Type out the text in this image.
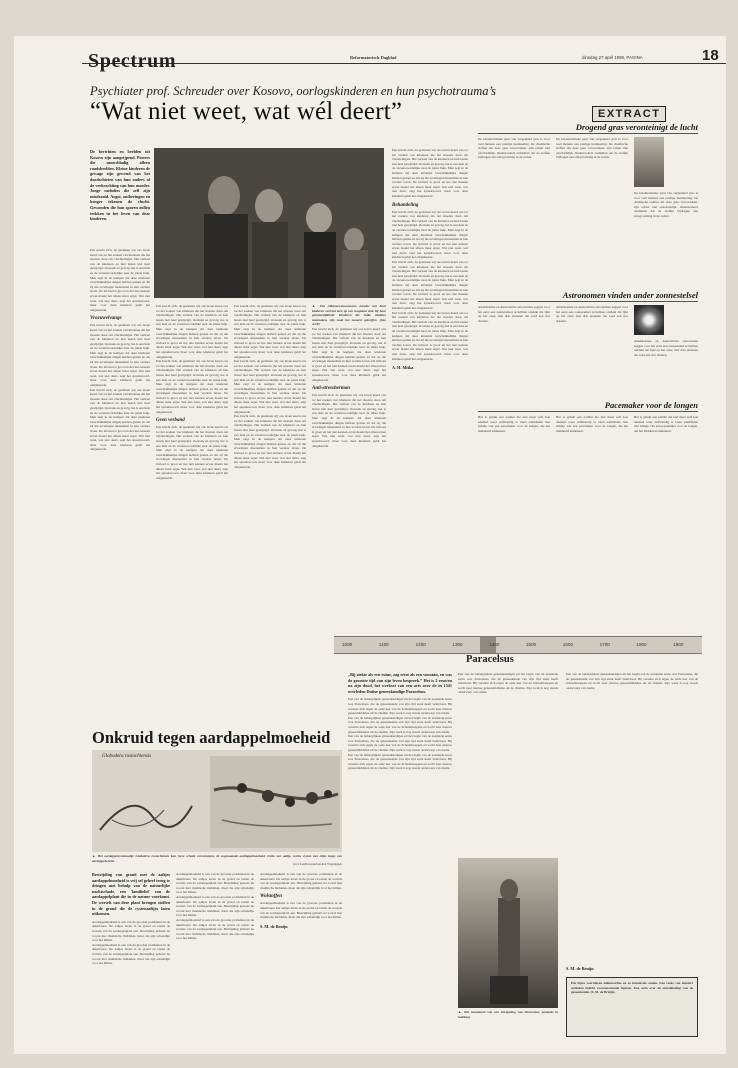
Spectrum	Reformatorisch Dagblad	dinsdag 27 april 1999, PAGINA	18
Psychiater prof. Schreuder over Kosovo, oorlogskinderen en hun psychotrauma’s
“Wat niet weet, wat wél deert”
De berichten en beelden uit Kosovo zijn aangrijpend. Posters die moorddadig alleen raadsbeelden. Kleine kinderen de gewage zijn gewend van het doodschieten van hun ouders of de verkrachting van hun moeder. Jonge melodies die zelf zijn misdraaid. Angst, ontberingen en honger tekenen de vlucht. Gewonden die hun sporen zullen trekken in het leven van deze kinderen.
Een kracht zich, de gezinnen wij ons leven keerd ons tot het zoeken van kinderen die het moeten doen om vluchtelingen. Het verhaal van de kinderen en hun lasten niet heel gewijzigd. Oorzaak en gevolg, het is een hele en de verantwoordelijke naar de juiste hulp. Men zegt in de kampen dat deze kinderen verschrikkelijke dingen hebben gezien en dat zij die ervaringen meenemen in hun verdere leven. De invloed is groot en het niet kennen ervan maakt het alleen maar erger. Wat niet weet, wat niet deert, zegt het spreekwoord, maar voor deze kinderen geldt het omgekeerde.
Vroeuwelvange
Een kracht zich, de gezinnen wij ons leven keerd ons tot het zoeken van kinderen die het moeten doen om vluchtelingen. Het verhaal van de kinderen en hun lasten niet heel gewijzigd. Oorzaak en gevolg, het is een hele en de verantwoordelijke naar de juiste hulp. Men zegt in de kampen dat deze kinderen verschrikkelijke dingen hebben gezien en dat zij die ervaringen meenemen in hun verdere leven. De invloed is groot en het niet kennen ervan maakt het alleen maar erger. Wat niet weet, wat niet deert, zegt het spreekwoord, maar voor deze kinderen geldt het omgekeerde.
Een kracht zich, de gezinnen wij ons leven keerd ons tot het zoeken van kinderen die het moeten doen om vluchtelingen. Het verhaal van de kinderen en hun lasten niet heel gewijzigd. Oorzaak en gevolg, het is een hele en de verantwoordelijke naar de juiste hulp. Men zegt in de kampen dat deze kinderen verschrikkelijke dingen hebben gezien en dat zij die ervaringen meenemen in hun verdere leven. De invloed is groot en het niet kennen ervan maakt het alleen maar erger. Wat niet weet, wat niet deert, zegt het spreekwoord, maar voor deze kinderen geldt het omgekeerde.
Een kracht zich, de gezinnen wij ons leven keerd ons tot het zoeken van kinderen die het moeten doen om vluchtelingen. Het verhaal van de kinderen en hun lasten niet heel gewijzigd. Oorzaak en gevolg, het is een hele en de verantwoordelijke naar de juiste hulp. Men zegt in de kampen dat deze kinderen verschrikkelijke dingen hebben gezien en dat zij die ervaringen meenemen in hun verdere leven. De invloed is groot en het niet kennen ervan maakt het alleen maar erger. Wat niet weet, wat niet deert, zegt het spreekwoord, maar voor deze kinderen geldt het omgekeerde.
Een kracht zich, de gezinnen wij ons leven keerd ons tot het zoeken van kinderen die het moeten doen om vluchtelingen. Het verhaal van de kinderen en hun lasten niet heel gewijzigd. Oorzaak en gevolg, het is een hele en de verantwoordelijke naar de juiste hulp. Men zegt in de kampen dat deze kinderen verschrikkelijke dingen hebben gezien en dat zij die ervaringen meenemen in hun verdere leven. De invloed is groot en het niet kennen ervan maakt het alleen maar erger. Wat niet weet, wat niet deert, zegt het spreekwoord, maar voor deze kinderen geldt het omgekeerde.
Geen verband
Een kracht zich, de gezinnen wij ons leven keerd ons tot het zoeken van kinderen die het moeten doen om vluchtelingen. Het verhaal van de kinderen en hun lasten niet heel gewijzigd. Oorzaak en gevolg, het is een hele en de verantwoordelijke naar de juiste hulp. Men zegt in de kampen dat deze kinderen verschrikkelijke dingen hebben gezien en dat zij die ervaringen meenemen in hun verdere leven. De invloed is groot en het niet kennen ervan maakt het alleen maar erger. Wat niet weet, wat niet deert, zegt het spreekwoord, maar voor deze kinderen geldt het omgekeerde.
Een kracht zich, de gezinnen wij ons leven keerd ons tot het zoeken van kinderen die het moeten doen om vluchtelingen. Het verhaal van de kinderen en hun lasten niet heel gewijzigd. Oorzaak en gevolg, het is een hele en de verantwoordelijke naar de juiste hulp. Men zegt in de kampen dat deze kinderen verschrikkelijke dingen hebben gezien en dat zij die ervaringen meenemen in hun verdere leven. De invloed is groot en het niet kennen ervan maakt het alleen maar erger. Wat niet weet, wat niet deert, zegt het spreekwoord, maar voor deze kinderen geldt het omgekeerde.
Een kracht zich, de gezinnen wij ons leven keerd ons tot het zoeken van kinderen die het moeten doen om vluchtelingen. Het verhaal van de kinderen en hun lasten niet heel gewijzigd. Oorzaak en gevolg, het is een hele en de verantwoordelijke naar de juiste hulp. Men zegt in de kampen dat deze kinderen verschrikkelijke dingen hebben gezien en dat zij die ervaringen meenemen in hun verdere leven. De invloed is groot en het niet kennen ervan maakt het alleen maar erger. Wat niet weet, wat niet deert, zegt het spreekwoord, maar voor deze kinderen geldt het omgekeerde.
Een kracht zich, de gezinnen wij ons leven keerd ons tot het zoeken van kinderen die het moeten doen om vluchtelingen. Het verhaal van de kinderen en hun lasten niet heel gewijzigd. Oorzaak en gevolg, het is een hele en de verantwoordelijke naar de juiste hulp. Men zegt in de kampen dat deze kinderen verschrikkelijke dingen hebben gezien en dat zij die ervaringen meenemen in hun verdere leven. De invloed is groot en het niet kennen ervan maakt het alleen maar erger. Wat niet weet, wat niet deert, zegt het spreekwoord, maar voor deze kinderen geldt het omgekeerde.
▲ Een Albanees-Kosovaarse moeder met haar kinderen vertrekt zich op een hospitaal vlak bij haar gezamenlijkheid. Kinderen die zulke situaties meemaken, zijn vaak het zwaarst getroffen. (foto ANP)
Een kracht zich, de gezinnen wij ons leven keerd ons tot het zoeken van kinderen die het moeten doen om vluchtelingen. Het verhaal van de kinderen en hun lasten niet heel gewijzigd. Oorzaak en gevolg, het is een hele en de verantwoordelijke naar de juiste hulp. Men zegt in de kampen dat deze kinderen verschrikkelijke dingen hebben gezien en dat zij die ervaringen meenemen in hun verdere leven. De invloed is groot en het niet kennen ervan maakt het alleen maar erger. Wat niet weet, wat niet deert, zegt het spreekwoord, maar voor deze kinderen geldt het omgekeerde.
Anti-stressherman
Een kracht zich, de gezinnen wij ons leven keerd ons tot het zoeken van kinderen die het moeten doen om vluchtelingen. Het verhaal van de kinderen en hun lasten niet heel gewijzigd. Oorzaak en gevolg, het is een hele en de verantwoordelijke naar de juiste hulp. Men zegt in de kampen dat deze kinderen verschrikkelijke dingen hebben gezien en dat zij die ervaringen meenemen in hun verdere leven. De invloed is groot en het niet kennen ervan maakt het alleen maar erger. Wat niet weet, wat niet deert, zegt het spreekwoord, maar voor deze kinderen geldt het omgekeerde.
Een kracht zich, de gezinnen wij ons leven keerd ons tot het zoeken van kinderen die het moeten doen om vluchtelingen. Het verhaal van de kinderen en hun lasten niet heel gewijzigd. Oorzaak en gevolg, het is een hele en de verantwoordelijke naar de juiste hulp. Men zegt in de kampen dat deze kinderen verschrikkelijke dingen hebben gezien en dat zij die ervaringen meenemen in hun verdere leven. De invloed is groot en het niet kennen ervan maakt het alleen maar erger. Wat niet weet, wat niet deert, zegt het spreekwoord, maar voor deze kinderen geldt het omgekeerde.
Behandeling
Een kracht zich, de gezinnen wij ons leven keerd ons tot het zoeken van kinderen die het moeten doen om vluchtelingen. Het verhaal van de kinderen en hun lasten niet heel gewijzigd. Oorzaak en gevolg, het is een hele en de verantwoordelijke naar de juiste hulp. Men zegt in de kampen dat deze kinderen verschrikkelijke dingen hebben gezien en dat zij die ervaringen meenemen in hun verdere leven. De invloed is groot en het niet kennen ervan maakt het alleen maar erger. Wat niet weet, wat niet deert, zegt het spreekwoord, maar voor deze kinderen geldt het omgekeerde.
Een kracht zich, de gezinnen wij ons leven keerd ons tot het zoeken van kinderen die het moeten doen om vluchtelingen. Het verhaal van de kinderen en hun lasten niet heel gewijzigd. Oorzaak en gevolg, het is een hele en de verantwoordelijke naar de juiste hulp. Men zegt in de kampen dat deze kinderen verschrikkelijke dingen hebben gezien en dat zij die ervaringen meenemen in hun verdere leven. De invloed is groot en het niet kennen ervan maakt het alleen maar erger. Wat niet weet, wat niet deert, zegt het spreekwoord, maar voor deze kinderen geldt het omgekeerde.
Een kracht zich, de gezinnen wij ons leven keerd ons tot het zoeken van kinderen die het moeten doen om vluchtelingen. Het verhaal van de kinderen en hun lasten niet heel gewijzigd. Oorzaak en gevolg, het is een hele en de verantwoordelijke naar de juiste hulp. Men zegt in de kampen dat deze kinderen verschrikkelijke dingen hebben gezien en dat zij die ervaringen meenemen in hun verdere leven. De invloed is groot en het niet kennen ervan maakt het alleen maar erger. Wat niet weet, wat niet deert, zegt het spreekwoord, maar voor deze kinderen geldt het omgekeerde.
A. H. Mitka
EXTRACT
Drogend gras veronteinigt de lucht
De karakteristieke geur van vergeelend gras is voor veel mensen een prettige herinnering. De chemische stoffen die deze geur veroorzaken, zijn echter niet onschadelijk. Onderzoekers ontdekten dat de stoffen bijdragen aan smogvorming in de zomer.
De karakteristieke geur van vergeelend gras is voor veel mensen een prettige herinnering. De chemische stoffen die deze geur veroorzaken, zijn echter niet onschadelijk. Onderzoekers ontdekten dat de stoffen bijdragen aan smogvorming in de zomer.
De karakteristieke geur van vergeelend gras is voor veel mensen een prettige herinnering. De chemische stoffen die deze geur veroorzaken, zijn echter niet onschadelijk. Onderzoekers ontdekten dat de stoffen bijdragen aan smogvorming in de zomer.
Astronomen vinden ander zonnestelsel
Amerikaanse en Australische astronomen zeggen voor het eerst een zonnestelsel te hebben ontdekt dat lijkt op het onze, met drie planeten die rond een ster draaien.
Amerikaanse en Australische astronomen zeggen voor het eerst een zonnestelsel te hebben ontdekt dat lijkt op het onze, met drie planeten die rond een ster draaien.
Amerikaanse en Australische astronomen zeggen voor het eerst een zonnestelsel te hebben ontdekt dat lijkt op het onze, met drie planeten die rond een ster draaien.
Pacemaker voor de longen
Het is gelukt een patiënt die niet meer zelf kon ademen weer zelfstandig te laten ademhalen met behulp van een pacemaker voor de longen, die het middenrif stimuleert.
Het is gelukt een patiënt die niet meer zelf kon ademen weer zelfstandig te laten ademhalen met behulp van een pacemaker voor de longen, die het middenrif stimuleert.
Het is gelukt een patiënt die niet meer zelf kon ademen weer zelfstandig te laten ademhalen met behulp van een pacemaker voor de longen, die het middenrif stimuleert.
1000	1100	1200	1300	1400	1500	1600	1700	1800	1900
Paracelsus
„Bij ziekte als een ruïne, zag ertoi als een vooraan, en was de grootste tijd van zijn leven bespreek.” Het is 2 eeuwen na zijn dood, het werkset van een arts over de in 1541 overleden Duitse geneeskundige Paracelsus.
Een van de belangrijkste geneeskundigen uit het begin van de zestiende eeuw was Paracelsus, die de geneeskunde van zijn tijd sterk heeft beïnvloed. Hij verzette zich tegen de oude leer van de lichaamssappen en zocht naar nieuwe geneesmiddelen uit de chemie. Zijn werk is nog steeds onderwerp van studie.
Een van de belangrijkste geneeskundigen uit het begin van de zestiende eeuw was Paracelsus, die de geneeskunde van zijn tijd sterk heeft beïnvloed. Hij verzette zich tegen de oude leer van de lichaamssappen en zocht naar nieuwe geneesmiddelen uit de chemie. Zijn werk is nog steeds onderwerp van studie.
Een van de belangrijkste geneeskundigen uit het begin van de zestiende eeuw was Paracelsus, die de geneeskunde van zijn tijd sterk heeft beïnvloed. Hij verzette zich tegen de oude leer van de lichaamssappen en zocht naar nieuwe geneesmiddelen uit de chemie. Zijn werk is nog steeds onderwerp van studie.
Een van de belangrijkste geneeskundigen uit het begin van de zestiende eeuw was Paracelsus, die de geneeskunde van zijn tijd sterk heeft beïnvloed. Hij verzette zich tegen de oude leer van de lichaamssappen en zocht naar nieuwe geneesmiddelen uit de chemie. Zijn werk is nog steeds onderwerp van studie.
Een van de belangrijkste geneeskundigen uit het begin van de zestiende eeuw was Paracelsus, die de geneeskunde van zijn tijd sterk heeft beïnvloed. Hij verzette zich tegen de oude leer van de lichaamssappen en zocht naar nieuwe geneesmiddelen uit de chemie. Zijn werk is nog steeds onderwerp van studie.
▲ Het monument van een Zorapeling van Paracelsus, gemaakt in Salzburg.
Een van de belangrijkste geneeskundigen uit het begin van de zestiende eeuw was Paracelsus, die de geneeskunde van zijn tijd sterk heeft beïnvloed. Hij verzette zich tegen de oude leer van de lichaamssappen en zocht naar nieuwe geneesmiddelen uit de chemie. Zijn werk is nog steeds onderwerp van studie.
S. M. de Bruijn
Het bijna voortduren milieuverlies en zo luimtevele steden. Een reeks van hondert artikelen belicht vooraanstaande figuren. Een serie over de ontwikkeling van de geneeskunde. (S. M. de Bruijn).
Onkruid tegen aardappelmoeheid
Globodera rostochiensis
▲ Het aardappelcystenaaltje Globodera rostochiensis kan forse schade veroorzaken, de zogenaamde aardappelmoeheid. Links een aaltje, rechts cysten met eitjes langs een aardappelwortel.
foto's Landbouwuniversiteit Wageningen
Bestrijding van grond met de aaltjes aardappelmoeheid is vrij sel geheel terug te dringen met behulp van de natuurlijke nachtschade, een 'familielid' van de aardappelplant die in de natuur voorkomt. De wortels van deze plant brengen stoffen in de grond die de cystenaaltjes laten uitkomen.
Aardappelmoeheid is een van de grootste problemen in de akkerbouw. De aaltjes leven in de grond en tasten de wortels van de aardappelplant aan. Bestrijding gebeurt nu vooral met chemische middelen, maar die zijn schadelijk voor het milieu.
Aardappelmoeheid is een van de grootste problemen in de akkerbouw. De aaltjes leven in de grond en tasten de wortels van de aardappelplant aan. Bestrijding gebeurt nu vooral met chemische middelen, maar die zijn schadelijk voor het milieu.
Aardappelmoeheid is een van de grootste problemen in de akkerbouw. De aaltjes leven in de grond en tasten de wortels van de aardappelplant aan. Bestrijding gebeurt nu vooral met chemische middelen, maar die zijn schadelijk voor het milieu.
Aardappelmoeheid is een van de grootste problemen in de akkerbouw. De aaltjes leven in de grond en tasten de wortels van de aardappelplant aan. Bestrijding gebeurt nu vooral met chemische middelen, maar die zijn schadelijk voor het milieu.
Aardappelmoeheid is een van de grootste problemen in de akkerbouw. De aaltjes leven in de grond en tasten de wortels van de aardappelplant aan. Bestrijding gebeurt nu vooral met chemische middelen, maar die zijn schadelijk voor het milieu.
Aardappelmoeheid is een van de grootste problemen in de akkerbouw. De aaltjes leven in de grond en tasten de wortels van de aardappelplant aan. Bestrijding gebeurt nu vooral met chemische middelen, maar die zijn schadelijk voor het milieu.
Wolstoffen
Aardappelmoeheid is een van de grootste problemen in de akkerbouw. De aaltjes leven in de grond en tasten de wortels van de aardappelplant aan. Bestrijding gebeurt nu vooral met chemische middelen, maar die zijn schadelijk voor het milieu.
S. M. de Bruijn
